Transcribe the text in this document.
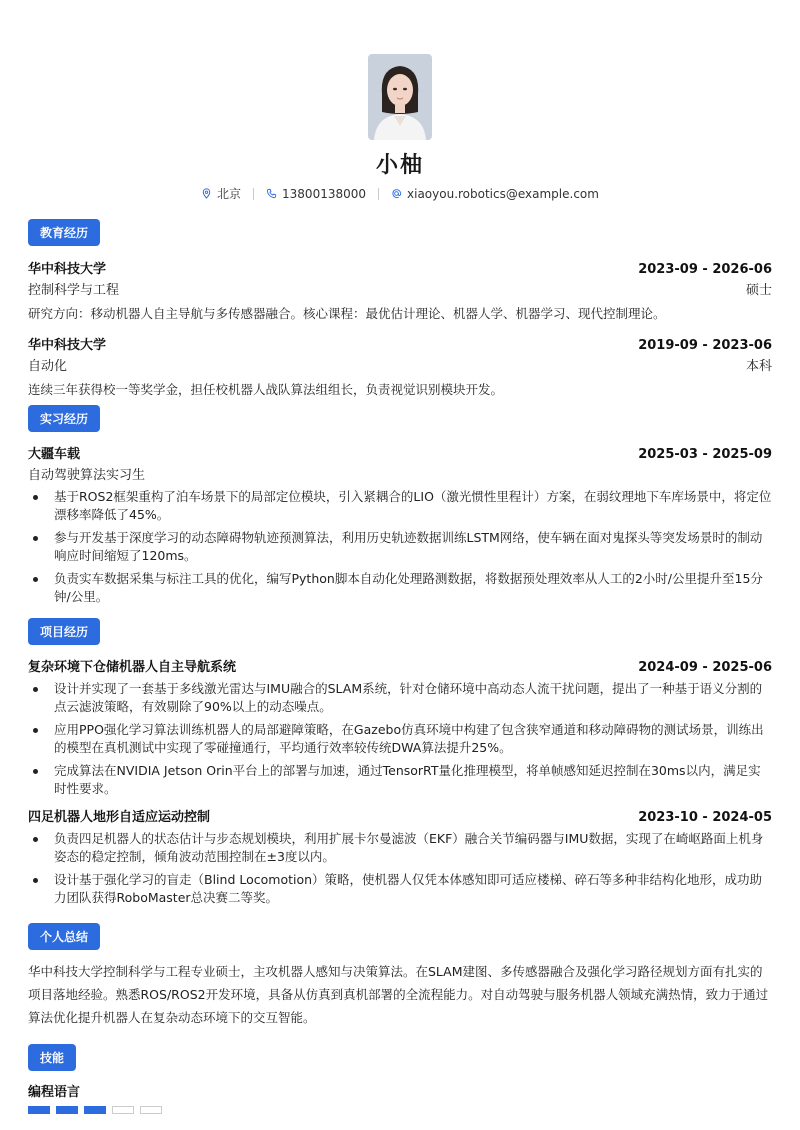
小柚
北京	13800138000	xiaoyou.robotics@example.com
教育经历
华中科技大学	2023-09 - 2026-06
控制科学与工程	硕士
研究方向：移动机器人自主导航与多传感器融合。核心课程：最优估计理论、机器人学、机器学习、现代控制理论。
华中科技大学	2019-09 - 2023-06
自动化	本科
连续三年获得校一等奖学金，担任校机器人战队算法组组长，负责视觉识别模块开发。
实习经历
大疆车载	2025-03 - 2025-09
自动驾驶算法实习生
基于ROS2框架重构了泊车场景下的局部定位模块，引入紧耦合的LIO（激光惯性里程计）方案，在弱纹理地下车库场景中，将定位漂移率降低了45%。
参与开发基于深度学习的动态障碍物轨迹预测算法，利用历史轨迹数据训练LSTM网络，使车辆在面对鬼探头等突发场景时的制动响应时间缩短了120ms。
负责实车数据采集与标注工具的优化，编写Python脚本自动化处理路测数据，将数据预处理效率从人工的2小时/公里提升至15分钟/公里。
项目经历
复杂环境下仓储机器人自主导航系统	2024-09 - 2025-06
设计并实现了一套基于多线激光雷达与IMU融合的SLAM系统，针对仓储环境中高动态人流干扰问题，提出了一种基于语义分割的点云滤波策略，有效剔除了90%以上的动态噪点。
应用PPO强化学习算法训练机器人的局部避障策略，在Gazebo仿真环境中构建了包含狭窄通道和移动障碍物的测试场景，训练出的模型在真机测试中实现了零碰撞通行，平均通行效率较传统DWA算法提升25%。
完成算法在NVIDIA Jetson Orin平台上的部署与加速，通过TensorRT量化推理模型，将单帧感知延迟控制在30ms以内，满足实时性要求。
四足机器人地形自适应运动控制	2023-10 - 2024-05
负责四足机器人的状态估计与步态规划模块，利用扩展卡尔曼滤波（EKF）融合关节编码器与IMU数据，实现了在崎岖路面上机身姿态的稳定控制，倾角波动范围控制在±3度以内。
设计基于强化学习的盲走（Blind Locomotion）策略，使机器人仅凭本体感知即可适应楼梯、碎石等多种非结构化地形，成功助力团队获得RoboMaster总决赛二等奖。
个人总结
华中科技大学控制科学与工程专业硕士，主攻机器人感知与决策算法。在SLAM建图、多传感器融合及强化学习路径规划方面有扎实的项目落地经验。熟悉ROS/ROS2开发环境，具备从仿真到真机部署的全流程能力。对自动驾驶与服务机器人领域充满热情，致力于通过算法优化提升机器人在复杂动态环境下的交互智能。
技能
编程语言
